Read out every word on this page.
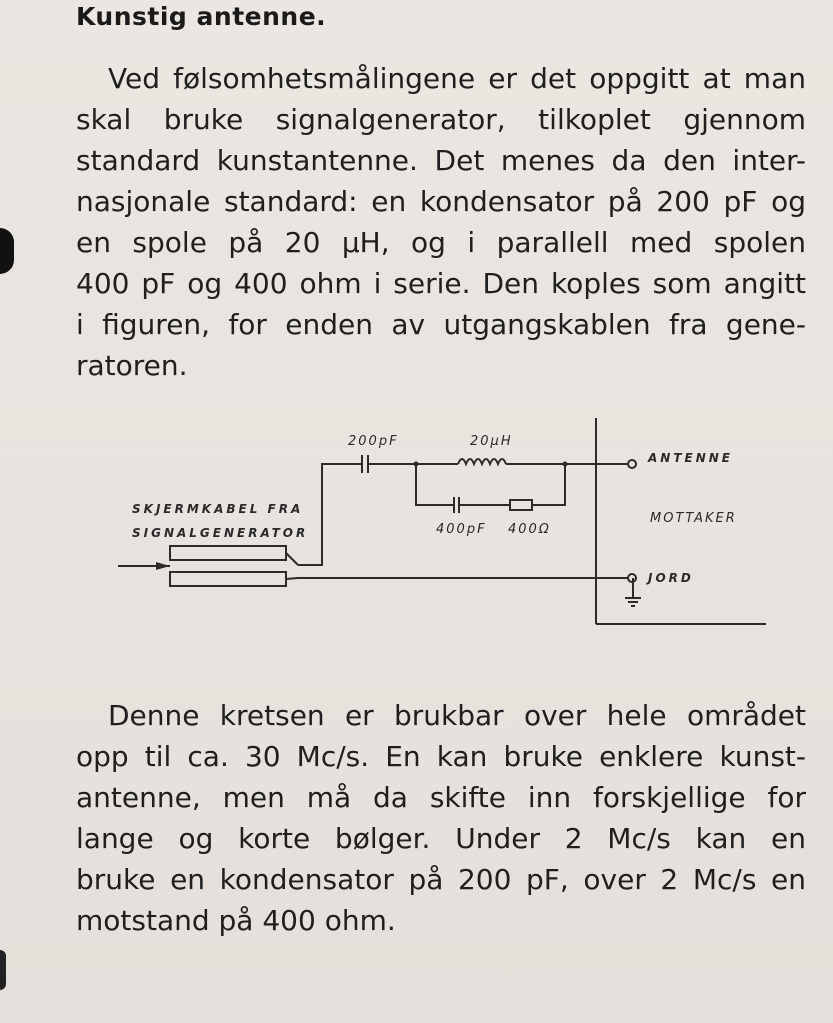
Kunstig antenne.
Ved følsomhetsmålingene er det oppgitt at man
skal bruke signalgenerator, tilkoplet gjennom
standard kunstantenne. Det menes da den inter-
nasjonale standard: en kondensator på 200 pF og
en spole på 20 µH, og i parallell med spolen
400 pF og 400 ohm i serie. Den koples som angitt
i figuren, for enden av utgangskablen fra gene-
ratoren.
200pF	20µH
400pF 400Ω
SKJERMKABEL FRA
SIGNALGENERATOR
ANTENNE
MOTTAKER
JORD
Denne kretsen er brukbar over hele området
opp til ca. 30 Mc/s. En kan bruke enklere kunst-
antenne, men må da skifte inn forskjellige for
lange og korte bølger. Under 2 Mc/s kan en
bruke en kondensator på 200 pF, over 2 Mc/s en
motstand på 400 ohm.
